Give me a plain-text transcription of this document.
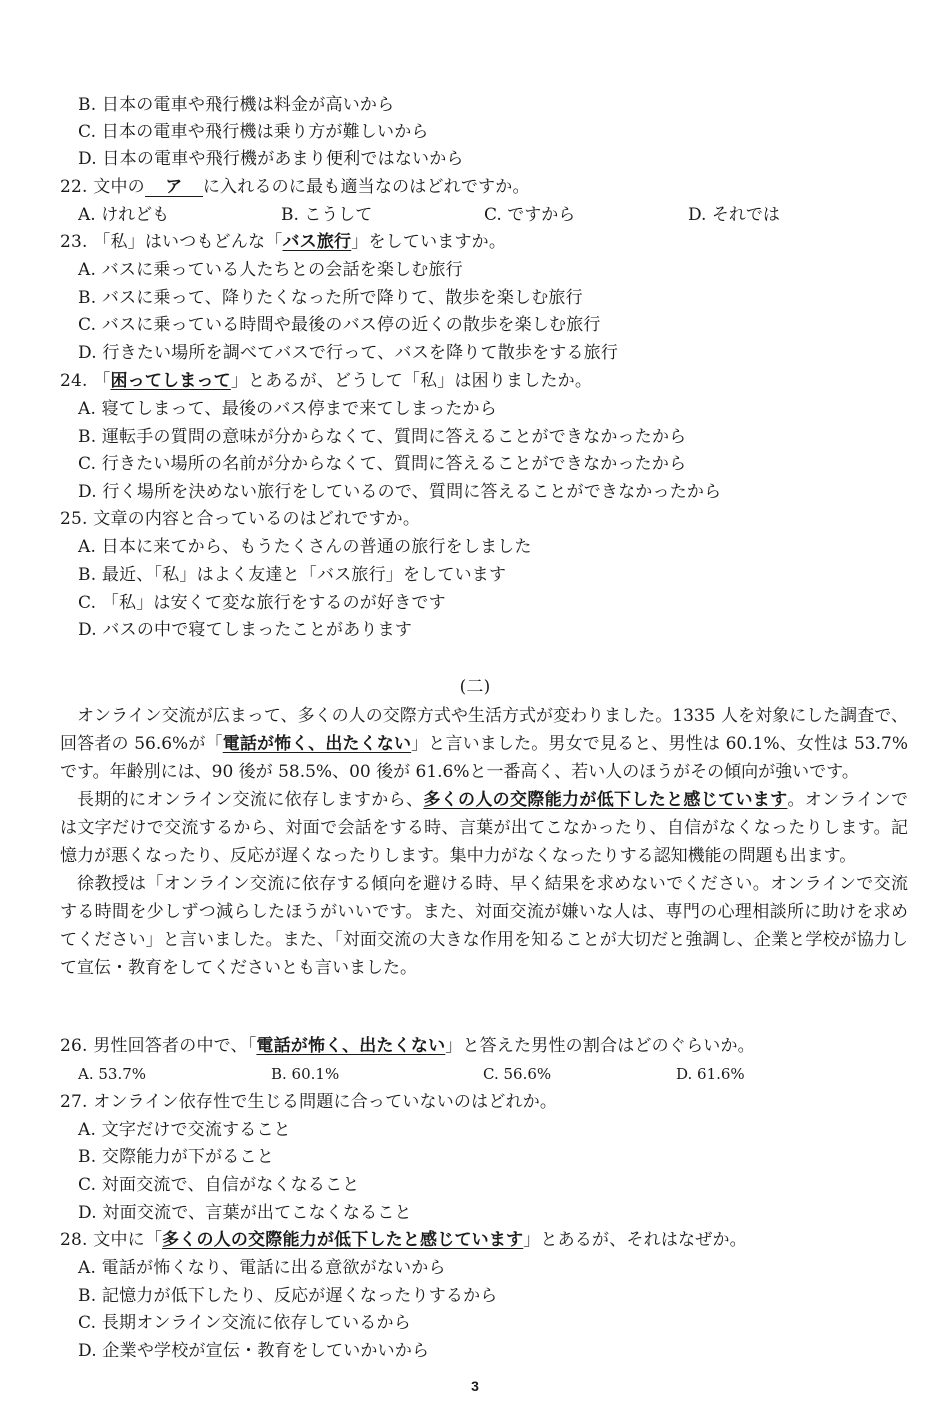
B. 日本の電車や飛行機は料金が高いから
C. 日本の電車や飛行機は乗り方が難しいから
D. 日本の電車や飛行機があまり便利ではないから
22. 文中の ア に入れるのに最も適当なのはどれですか。
A. けれども	B. こうして	C. ですから	D. それでは
23. 「私」はいつもどんな「バス旅行」をしていますか。
A. バスに乗っている人たちとの会話を楽しむ旅行
B. バスに乗って、降りたくなった所で降りて、散歩を楽しむ旅行
C. バスに乗っている時間や最後のバス停の近くの散歩を楽しむ旅行
D. 行きたい場所を調べてバスで行って、バスを降りて散歩をする旅行
24. 「困ってしまって」とあるが、どうして「私」は困りましたか。
A. 寝てしまって、最後のバス停まで来てしまったから
B. 運転手の質問の意味が分からなくて、質問に答えることができなかったから
C. 行きたい場所の名前が分からなくて、質問に答えることができなかったから
D. 行く場所を決めない旅行をしているので、質問に答えることができなかったから
25. 文章の内容と合っているのはどれですか。
A. 日本に来てから、もうたくさんの普通の旅行をしました
B. 最近、「私」はよく友達と「バス旅行」をしています
C. 「私」は安くて変な旅行をするのが好きです
D. バスの中で寝てしまったことがあります
(二)

オンライン交流が広まって、多くの人の交際方式や生活方式が変わりました。1335 人を対象にした調査で、回答者の 56.6%が「電話が怖く、出たくない」と言いました。男女で見ると、男性は 60.1%、女性は 53.7%です。年齢別には、90 後が 58.5%、00 後が 61.6%と一番高く、若い人のほうがその傾向が強いです。

長期的にオンライン交流に依存しますから、多くの人の交際能力が低下したと感じています。オンラインでは文字だけで交流するから、対面で会話をする時、言葉が出てこなかったり、自信がなくなったりします。記憶力が悪くなったり、反応が遅くなったりします。集中力がなくなったりする認知機能の問題も出ます。

徐教授は「オンライン交流に依存する傾向を避ける時、早く結果を求めないでください。オンラインで交流する時間を少しずつ減らしたほうがいいです。また、対面交流が嫌いな人は、専門の心理相談所に助けを求めてください」と言いました。また、「対面交流の大きな作用を知ることが大切だと強調し、企業と学校が協力して宣伝・教育をしてくださいとも言いました。

26. 男性回答者の中で、「電話が怖く、出たくない」と答えた男性の割合はどのぐらいか。
A. 53.7%	B. 60.1%	C. 56.6%	D. 61.6%
27. オンライン依存性で生じる問題に合っていないのはどれか。
A. 文字だけで交流すること
B. 交際能力が下がること
C. 対面交流で、自信がなくなること
D. 対面交流で、言葉が出てこなくなること
28. 文中に「多くの人の交際能力が低下したと感じています」とあるが、それはなぜか。
A. 電話が怖くなり、電話に出る意欲がないから
B. 記憶力が低下したり、反応が遅くなったりするから
C. 長期オンライン交流に依存しているから
D. 企業や学校が宣伝・教育をしていかいから
3
